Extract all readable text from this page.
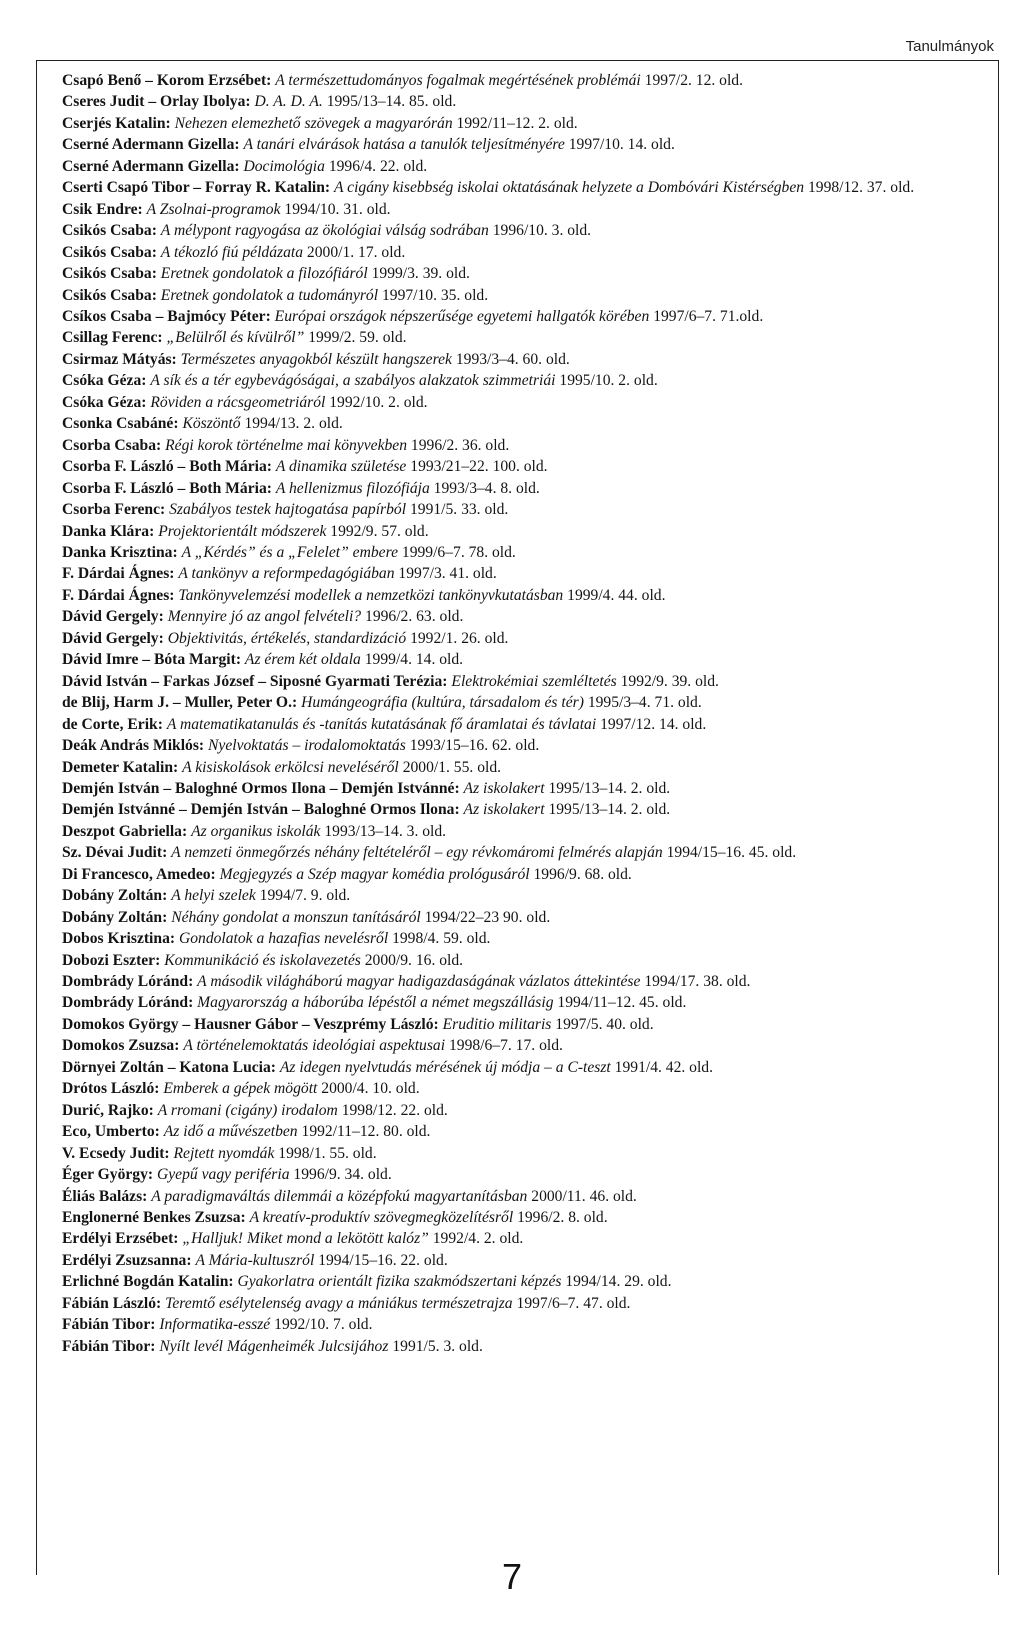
Tanulmányok
Csapó Benő – Korom Erzsébet: A természettudományos fogalmak megértésének problémái 1997/2. 12. old.
Cseres Judit – Orlay Ibolya: D. A. D. A. 1995/13–14. 85. old.
Cserjés Katalin: Nehezen elemezhető szövegek a magyarórán 1992/11–12. 2. old.
Cserné Adermann Gizella: A tanári elvárások hatása a tanulók teljesítményére 1997/10. 14. old.
Cserné Adermann Gizella: Docimológia 1996/4. 22. old.
Cserti Csapó Tibor – Forray R. Katalin: A cigány kisebbség iskolai oktatásának helyzete a Dombóvári Kistérségben 1998/12. 37. old.
Csik Endre: A Zsolnai-programok 1994/10. 31. old.
Csikós Csaba: A mélypont ragyogása az ökológiai válság sodrában 1996/10. 3. old.
Csikós Csaba: A tékozló fiú példázata 2000/1. 17. old.
Csikós Csaba: Eretnek gondolatok a filozófiáról 1999/3. 39. old.
Csikós Csaba: Eretnek gondolatok a tudományról 1997/10. 35. old.
Csíkos Csaba – Bajmócy Péter: Európai országok népszerűsége egyetemi hallgatók körében 1997/6–7. 71.old.
Csillag Ferenc: „Belülről és kívülről” 1999/2. 59. old.
Csirmaz Mátyás: Természetes anyagokból készült hangszerek 1993/3–4. 60. old.
Csóka Géza: A sík és a tér egybevágóságai, a szabályos alakzatok szimmetriái 1995/10. 2. old.
Csóka Géza: Röviden a rácsgeometriáról 1992/10. 2. old.
Csonka Csabáné: Köszöntő 1994/13. 2. old.
Csorba Csaba: Régi korok történelme mai könyvekben 1996/2. 36. old.
Csorba F. László – Both Mária: A dinamika születése 1993/21–22. 100. old.
Csorba F. László – Both Mária: A hellenizmus filozófiája 1993/3–4. 8. old.
Csorba Ferenc: Szabályos testek hajtogatása papírból 1991/5. 33. old.
Danka Klára: Projektorientált módszerek 1992/9. 57. old.
Danka Krisztina: A „Kérdés” és a „Felelet” embere 1999/6–7. 78. old.
F. Dárdai Ágnes: A tankönyv a reformpedagógiában 1997/3. 41. old.
F. Dárdai Ágnes: Tankönyvelemzési modellek a nemzetközi tankönyvkutatásban 1999/4. 44. old.
Dávid Gergely: Mennyire jó az angol felvételi? 1996/2. 63. old.
Dávid Gergely: Objektivitás, értékelés, standardizáció 1992/1. 26. old.
Dávid Imre – Bóta Margit: Az érem két oldala 1999/4. 14. old.
Dávid István – Farkas József – Siposné Gyarmati Terézia: Elektrokémiai szemléltetés 1992/9. 39. old.
de Blij, Harm J. – Muller, Peter O.: Humángeográfia (kultúra, társadalom és tér) 1995/3–4. 71. old.
de Corte, Erik: A matematikatanulás és -tanítás kutatásának fő áramlatai és távlatai 1997/12. 14. old.
Deák András Miklós: Nyelvoktatás – irodalomoktatás 1993/15–16. 62. old.
Demeter Katalin: A kisiskolások erkölcsi neveléséről 2000/1. 55. old.
Demjén István – Baloghné Ormos Ilona – Demjén Istvánné: Az iskolakert 1995/13–14. 2. old.
Demjén Istvánné – Demjén István – Baloghné Ormos Ilona: Az iskolakert 1995/13–14. 2. old.
Deszpot Gabriella: Az organikus iskolák 1993/13–14. 3. old.
Sz. Dévai Judit: A nemzeti önmegőrzés néhány feltételéről – egy révkomáromi felmérés alapján 1994/15–16. 45. old.
Di Francesco, Amedeo: Megjegyzés a Szép magyar komédia prológusáról 1996/9. 68. old.
Dobány Zoltán: A helyi szelek 1994/7. 9. old.
Dobány Zoltán: Néhány gondolat a monszun tanításáról 1994/22–23 90. old.
Dobos Krisztina: Gondolatok a hazafias nevelésről 1998/4. 59. old.
Dobozi Eszter: Kommunikáció és iskolavezetés 2000/9. 16. old.
Dombrády Lóránd: A második világháború magyar hadigazdaságának vázlatos áttekintése 1994/17. 38. old.
Dombrády Lóránd: Magyarország a háborúba lépéstől a német megszállásig 1994/11–12. 45. old.
Domokos György – Hausner Gábor – Veszprémy László: Eruditio militaris 1997/5. 40. old.
Domokos Zsuzsa: A történelemoktatás ideológiai aspektusai 1998/6–7. 17. old.
Dörnyei Zoltán – Katona Lucia: Az idegen nyelvtudás mérésének új módja – a C-teszt 1991/4. 42. old.
Drótos László: Emberek a gépek mögött 2000/4. 10. old.
Durić, Rajko: A rromani (cigány) irodalom 1998/12. 22. old.
Eco, Umberto: Az idő a művészetben 1992/11–12. 80. old.
V. Ecsedy Judit: Rejtett nyomdák 1998/1. 55. old.
Éger György: Gyepű vagy periféria 1996/9. 34. old.
Éliás Balázs: A paradigmaváltás dilemmái a középfokú magyartanításban 2000/11. 46. old.
Englonerné Benkes Zsuzsa: A kreatív-produktív szövegmegközelítésről 1996/2. 8. old.
Erdélyi Erzsébet: „Halljuk! Miket mond a lekötött kalóz” 1992/4. 2. old.
Erdélyi Zsuzsanna: A Mária-kultuszról 1994/15–16. 22. old.
Erlichné Bogdán Katalin: Gyakorlatra orientált fizika szakmódszertani képzés 1994/14. 29. old.
Fábián László: Teremtő esélytelenség avagy a mániákus természetrajza 1997/6–7. 47. old.
Fábián Tibor: Informatika-esszé 1992/10. 7. old.
Fábián Tibor: Nyílt levél Mágenheimék Julcsijához 1991/5. 3. old.
7
